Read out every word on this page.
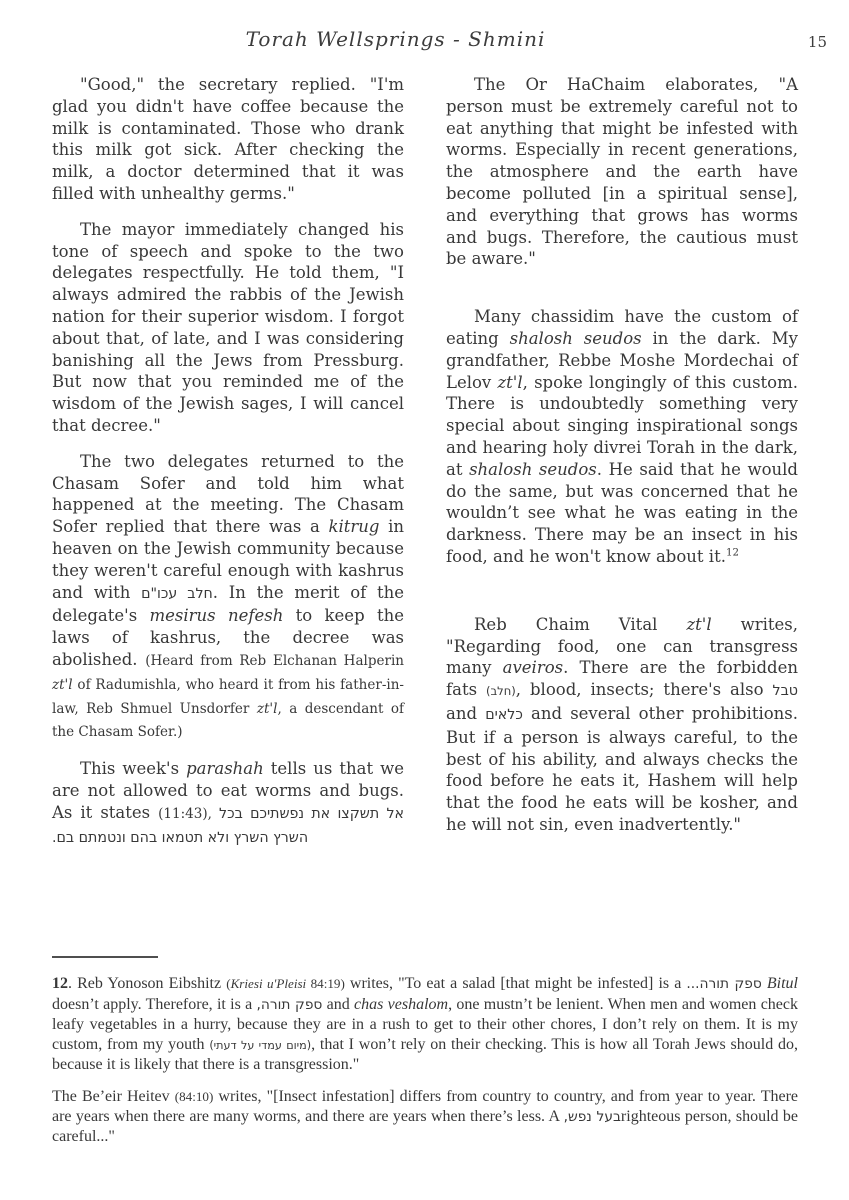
Torah Wellsprings - Shmini	15

"Good," the secretary replied. "I'm glad you didn't have coffee because the milk is contaminated. Those who drank this milk got sick. After checking the milk, a doctor determined that it was filled with unhealthy germs."

The mayor immediately changed his tone of speech and spoke to the two delegates respectfully. He told them, "I always admired the rabbis of the Jewish nation for their superior wisdom. I forgot about that, of late, and I was considering banishing all the Jews from Pressburg. But now that you reminded me of the wisdom of the Jewish sages, I will cancel that decree."

The two delegates returned to the Chasam Sofer and told him what happened at the meeting. The Chasam Sofer replied that there was a kitrug in heaven on the Jewish community because they weren't careful enough with kashrus and with חלב עכו"ם. In the merit of the delegate's mesirus nefesh to keep the laws of kashrus, the decree was abolished. (Heard from Reb Elchanan Halperin zt'l of Radumishla, who heard it from his father-in-law, Reb Shmuel Unsdorfer zt'l, a descendant of the Chasam Sofer.)

This week's parashah tells us that we are not allowed to eat worms and bugs. As it states (11:43), אל תשקצו את נפשתיכם בכל השרץ השרץ ולא תטמאו בהם ונטמתם בם.

The Or HaChaim elaborates, "A person must be extremely careful not to eat anything that might be infested with worms. Especially in recent generations, the atmosphere and the earth have become polluted [in a spiritual sense], and everything that grows has worms and bugs. Therefore, the cautious must be aware."

Many chassidim have the custom of eating shalosh seudos in the dark. My grandfather, Rebbe Moshe Mordechai of Lelov zt'l, spoke longingly of this custom. There is undoubtedly something very special about singing inspirational songs and hearing holy divrei Torah in the dark, at shalosh seudos. He said that he would do the same, but was concerned that he wouldn’t see what he was eating in the darkness. There may be an insect in his food, and he won't know about it.$^{12}$

Reb Chaim Vital zt'l writes, "Regarding food, one can transgress many aveiros. There are the forbidden fats (חלב), blood, insects; there's also טבל and כלאים and several other prohibitions. But if a person is always careful, to the best of his ability, and always checks the food before he eats it, Hashem will help that the food he eats will be kosher, and he will not sin, even inadvertently."

12. Reb Yonoson Eibshitz (Kriesi u'Pleisi 84:19) writes, "To eat a salad [that might be infested] is a ספק תורה... Bitul doesn’t apply. Therefore, it is a ספק תורה, and chas veshalom, one mustn’t be lenient. When men and women check leafy vegetables in a hurry, because they are in a rush to get to their other chores, I don’t rely on them. It is my custom, from my youth (מיום עמדי על דעתי), that I won’t rely on their checking. This is how all Torah Jews should do, because it is likely that there is a transgression."

The Be’eir Heitev (84:10) writes, "[Insect infestation] differs from country to country, and from year to year. There are years when there are many worms, and there are years when there’s less. A בעל נפש,righteous person, should be careful..."
